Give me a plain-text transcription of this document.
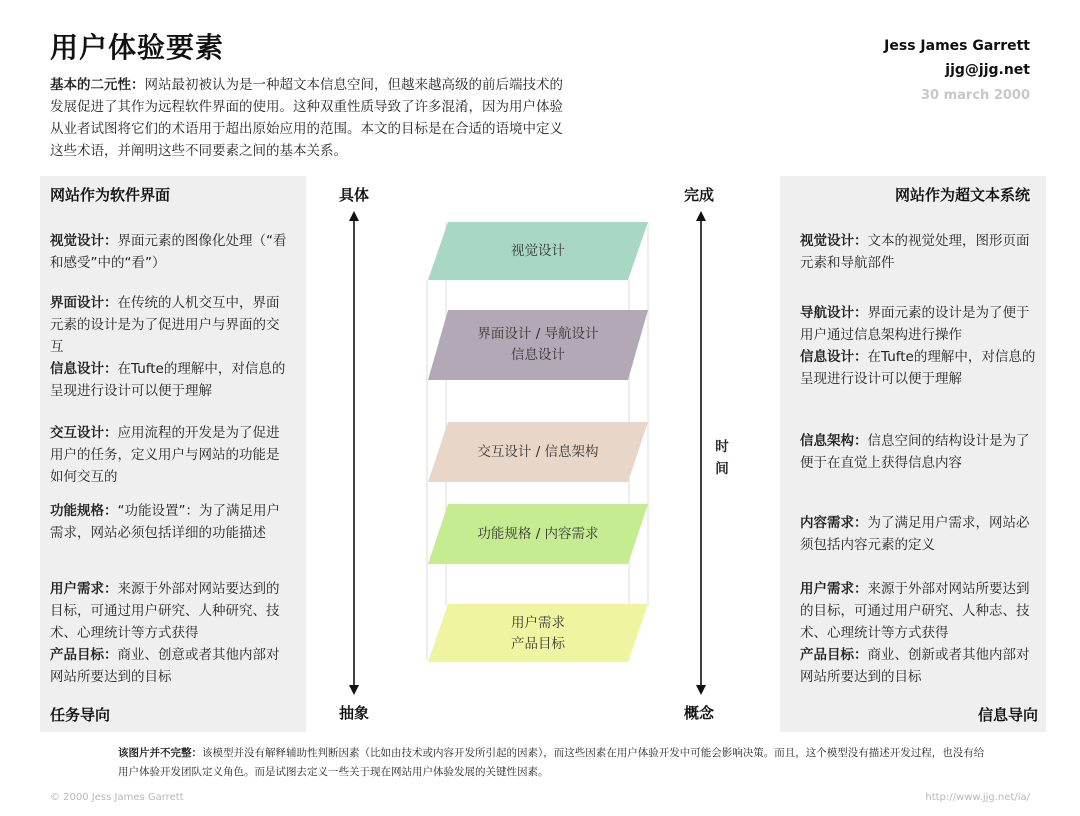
用户体验要素	Jess James Garrett
jjg@jjg.net
30 march 2000
基本的二元性：网站最初被认为是一种超文本信息空间，但越来越高级的前后端技术的发展促进了其作为远程软件界面的使用。这种双重性质导致了许多混淆，因为用户体验从业者试图将它们的术语用于超出原始应用的范围。本文的目标是在合适的语境中定义这些术语，并阐明这些不同要素之间的基本关系。
网站作为软件界面
视觉设计：界面元素的图像化处理（“看和感受”中的“看”）
界面设计：在传统的人机交互中，界面元素的设计是为了促进用户与界面的交互
信息设计：在Tufte的理解中，对信息的呈现进行设计可以便于理解
交互设计：应用流程的开发是为了促进用户的任务，定义用户与网站的功能是如何交互的
功能规格：“功能设置”：为了满足用户需求，网站必须包括详细的功能描述
用户需求：来源于外部对网站要达到的目标，可通过用户研究、人种研究、技术、心理统计等方式获得
产品目标：商业、创意或者其他内部对网站所要达到的目标
任务导向
网站作为超文本系统
视觉设计：文本的视觉处理，图形页面元素和导航部件
导航设计：界面元素的设计是为了便于用户通过信息架构进行操作
信息设计：在Tufte的理解中，对信息的呈现进行设计可以便于理解
信息架构：信息空间的结构设计是为了便于在直觉上获得信息内容
内容需求：为了满足用户需求，网站必须包括内容元素的定义
用户需求：来源于外部对网站所要达到的目标，可通过用户研究、人种志、技术、心理统计等方式获得
产品目标：商业、创新或者其他内部对网站所要达到的目标
信息导向
具体
抽象
完成
概念
时间
视觉设计
界面设计 / 导航设计
信息设计
交互设计 / 信息架构
功能规格 / 内容需求
用户需求
产品目标
该图片并不完整：该模型并没有解释辅助性判断因素（比如由技术或内容开发所引起的因素），而这些因素在用户体验开发中可能会影响决策。而且，这个模型没有描述开发过程，也没有给用户体验开发团队定义角色。而是试图去定义一些关于现在网站用户体验发展的关键性因素。
© 2000 Jess James Garrett	http://www.jjg.net/ia/
